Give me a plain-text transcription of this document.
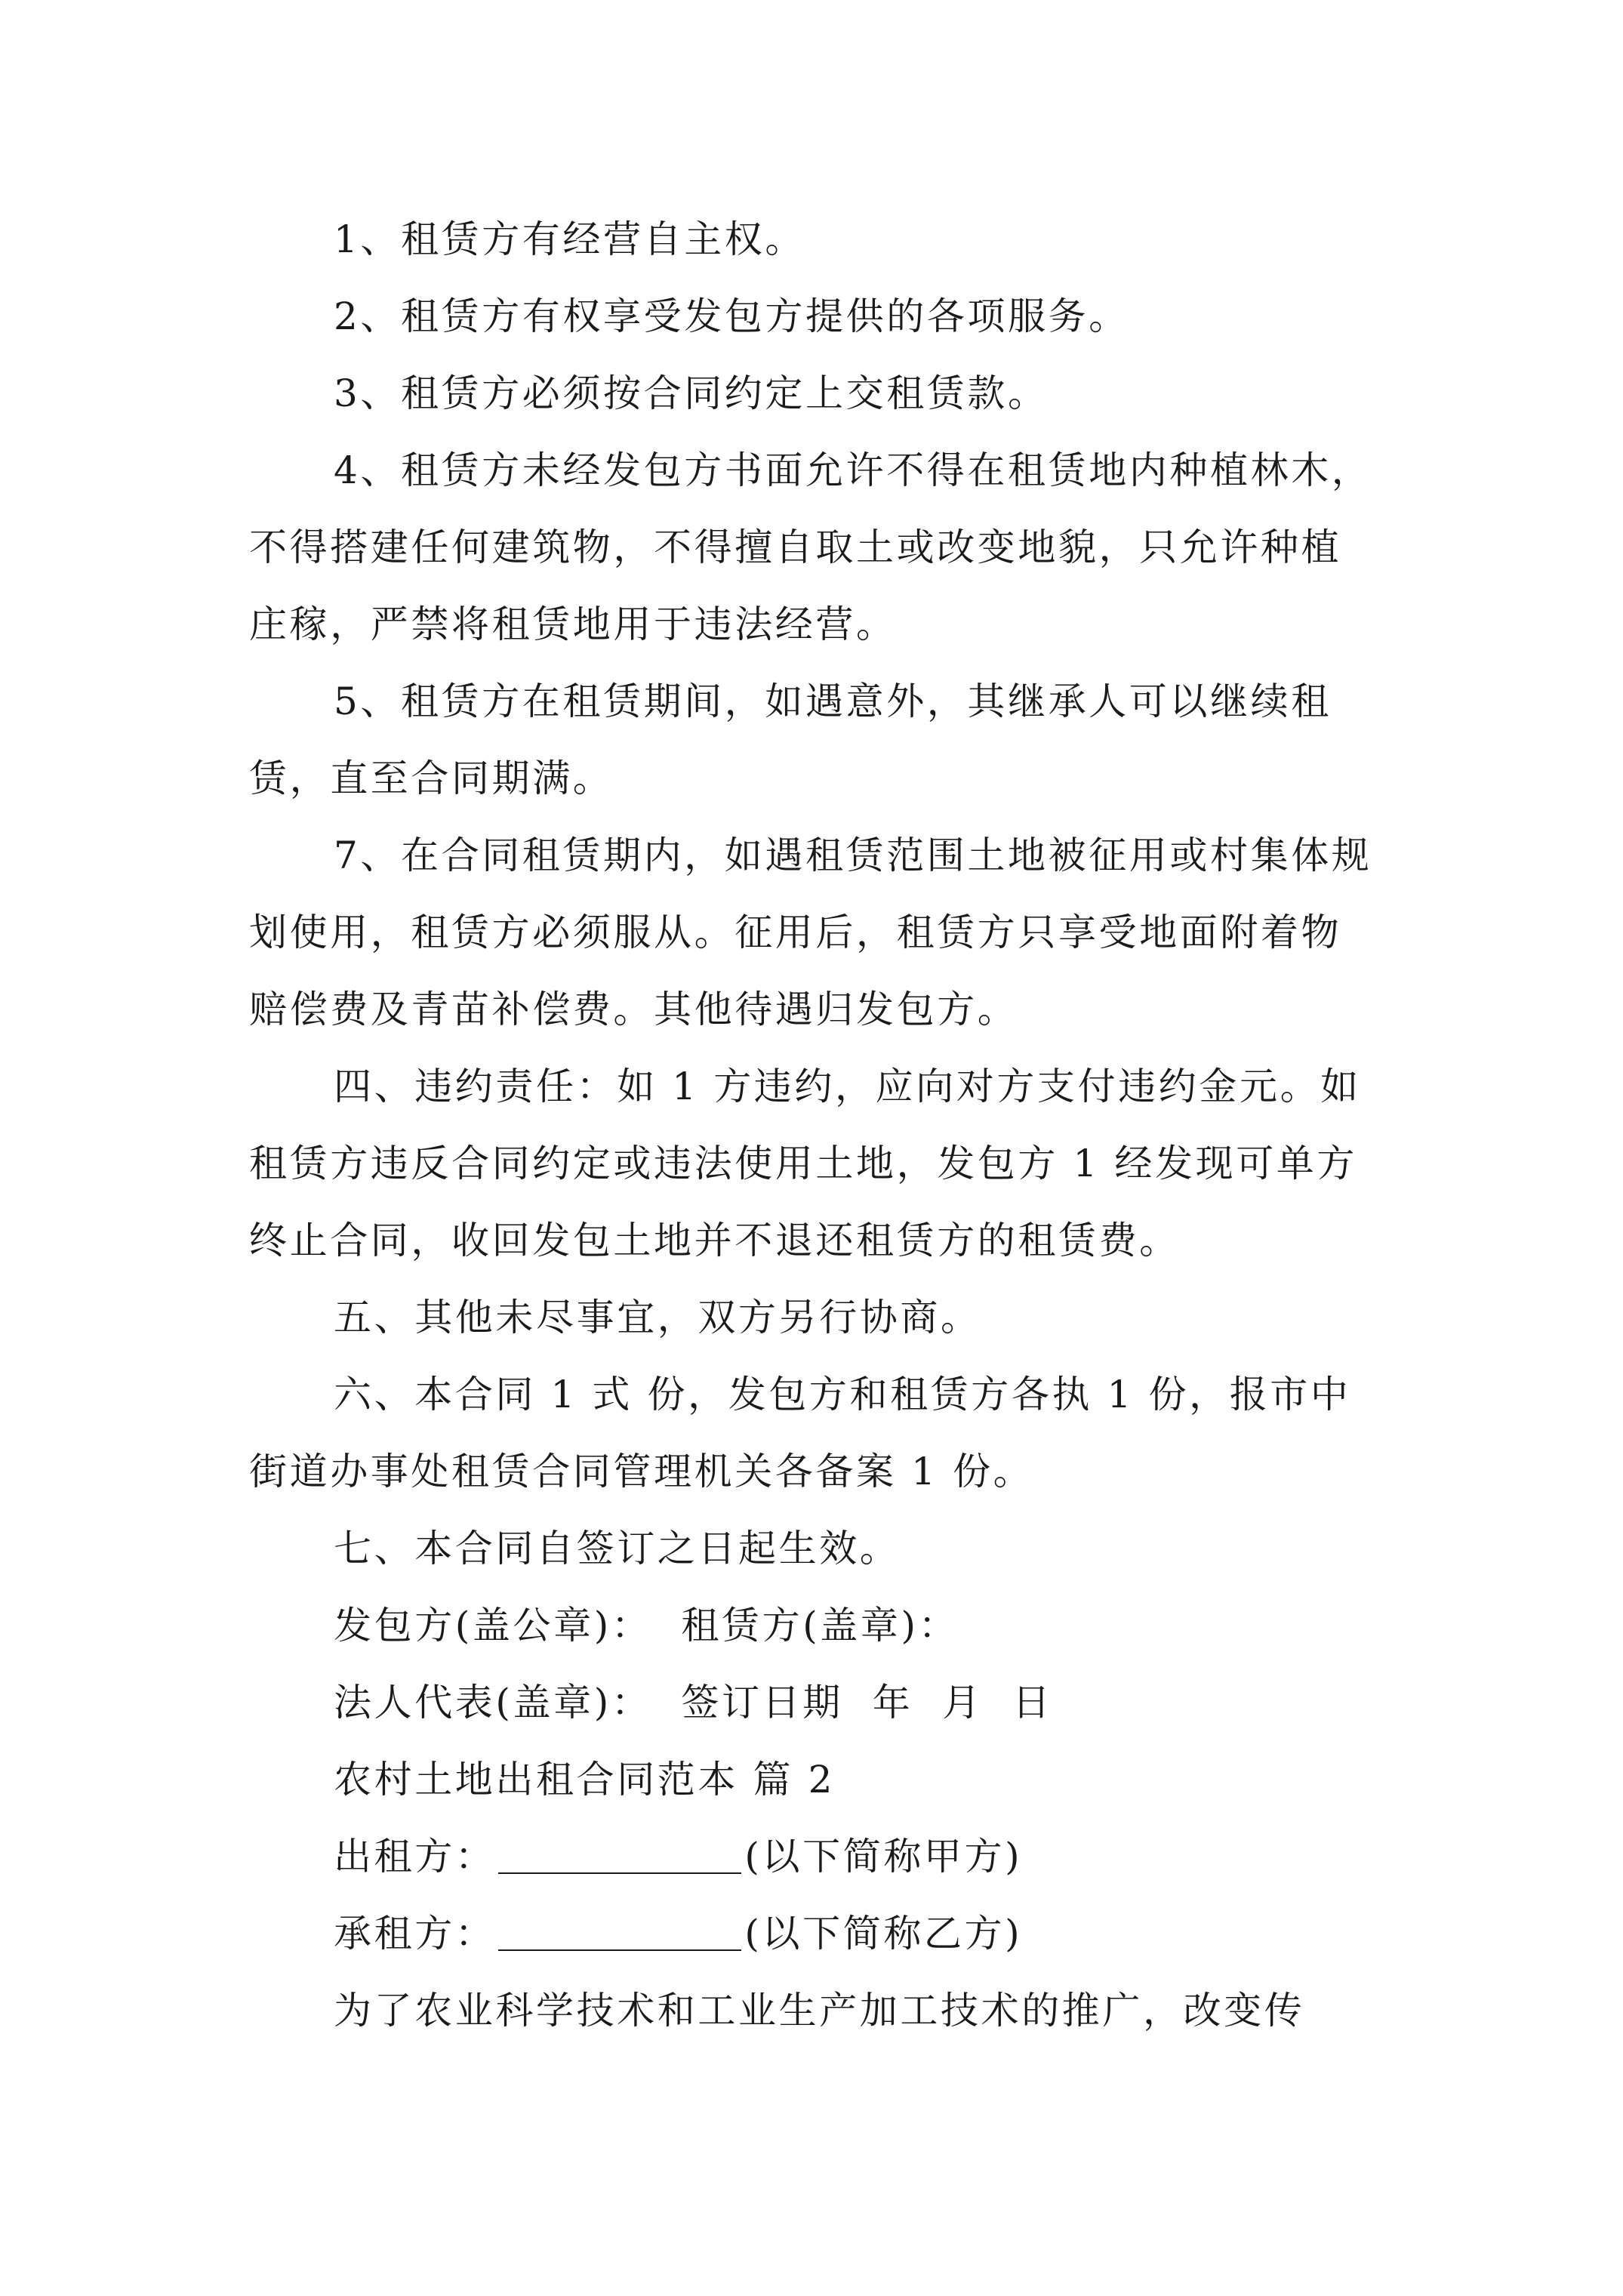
1、租赁方有经营自主权。

2、租赁方有权享受发包方提供的各项服务。

3、租赁方必须按合同约定上交租赁款。

4、租赁方未经发包方书面允许不得在租赁地内种植林木，不得搭建任何建筑物，不得擅自取土或改变地貌，只允许种植庄稼，严禁将租赁地用于违法经营。

5、租赁方在租赁期间，如遇意外，其继承人可以继续租赁，直至合同期满。

7、在合同租赁期内，如遇租赁范围土地被征用或村集体规划使用，租赁方必须服从。征用后，租赁方只享受地面附着物赔偿费及青苗补偿费。其他待遇归发包方。

四、违约责任：如 1 方违约，应向对方支付违约金元。如租赁方违反合同约定或违法使用土地，发包方 1 经发现可单方终止合同，收回发包土地并不退还租赁方的租赁费。

五、其他未尽事宜，双方另行协商。

六、本合同 1 式 份，发包方和租赁方各执 1 份，报市中街道办事处租赁合同管理机关各备案 1 份。

七、本合同自签订之日起生效。

发包方(盖公章)：  租赁方(盖章)：

法人代表(盖章)：  签订日期  年  月  日

农村土地出租合同范本 篇 2

出租方：	(以下简称甲方)

承租方：	(以下简称乙方)

为了农业科学技术和工业生产加工技术的推广，改变传
